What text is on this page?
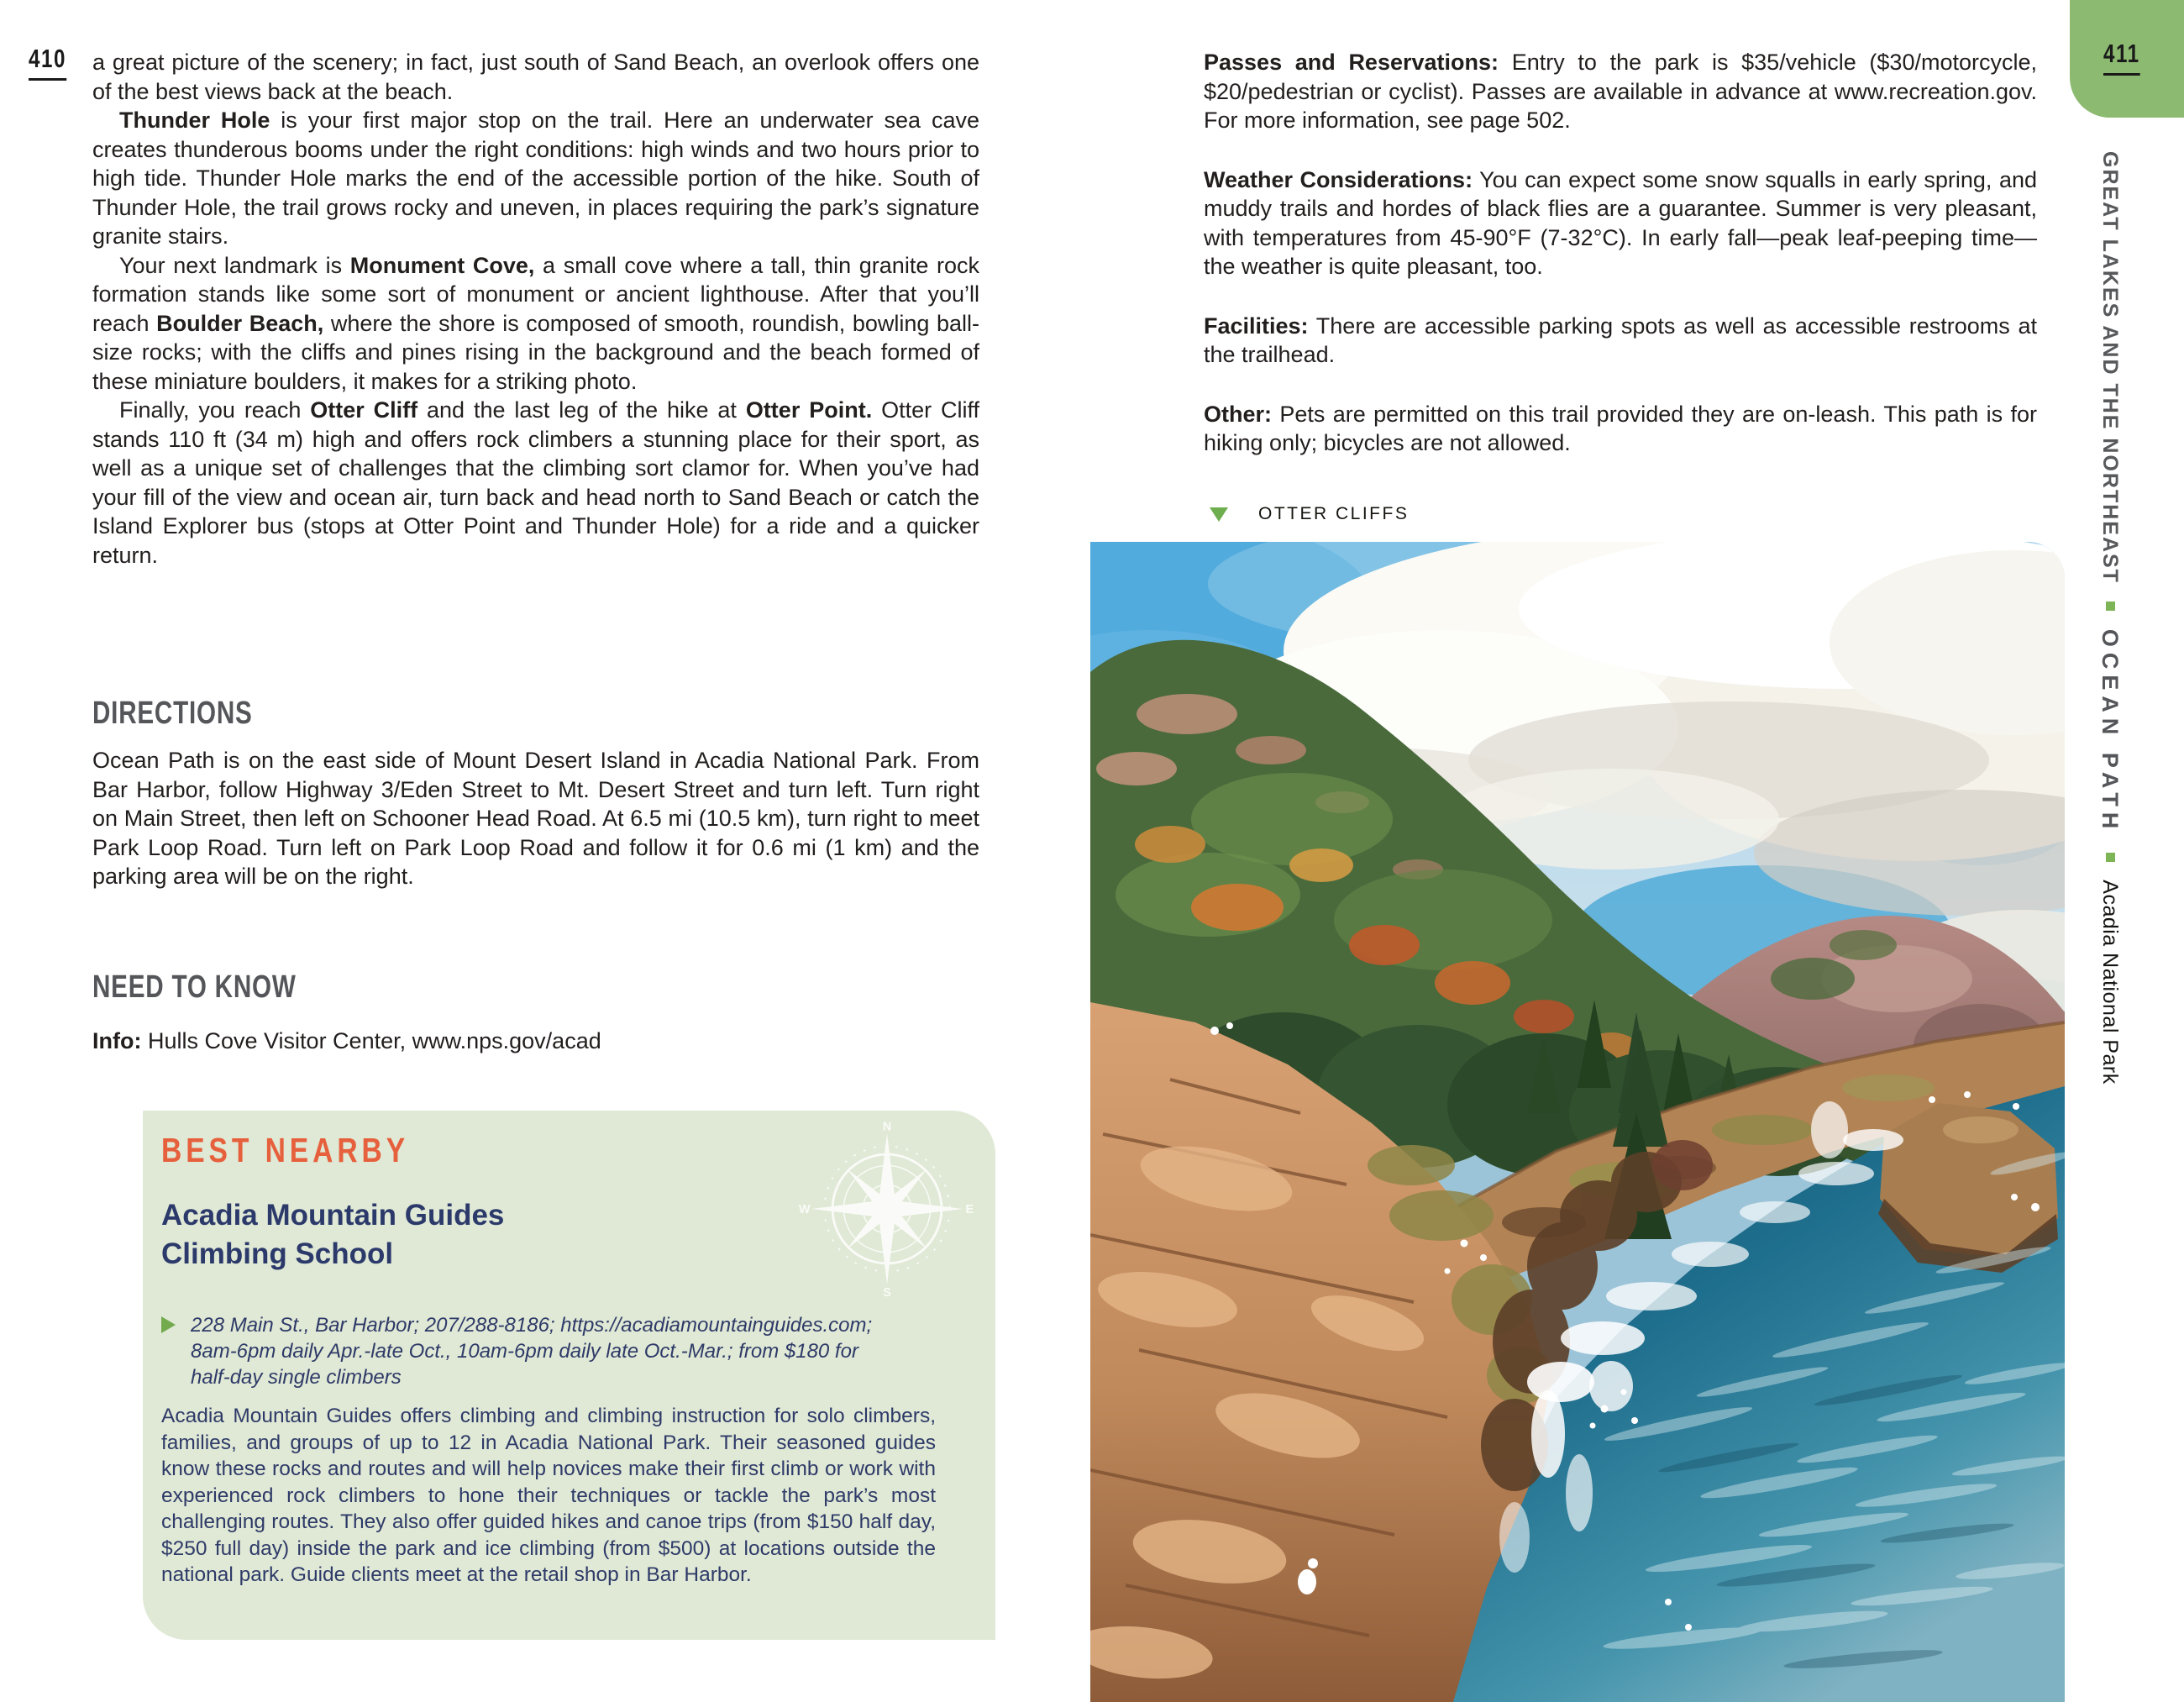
410	a great picture of the scenery; in fact, just south of Sand Beach, an overlook offers one of the best views back at the beach.

Thunder Hole is your first major stop on the trail. Here an underwater sea cave creates thunderous booms under the right conditions: high winds and two hours prior to high tide. Thunder Hole marks the end of the accessible portion of the hike. South of Thunder Hole, the trail grows rocky and uneven, in places requiring the park’s signature granite stairs.

Your next landmark is Monument Cove, a small cove where a tall, thin granite rock formation stands like some sort of monument or ancient lighthouse. After that you’ll reach Boulder Beach, where the shore is composed of smooth, roundish, bowling ball-size rocks; with the cliffs and pines rising in the background and the beach formed of these miniature boulders, it makes for a striking photo.

Finally, you reach Otter Cliff and the last leg of the hike at Otter Point. Otter Cliff stands 110 ft (34 m) high and offers rock climbers a stunning place for their sport, as well as a unique set of challenges that the climbing sort clamor for. When you’ve had your fill of the view and ocean air, turn back and head north to Sand Beach or catch the Island Explorer bus (stops at Otter Point and Thunder Hole) for a ride and a quicker return.

DIRECTIONS

Ocean Path is on the east side of Mount Desert Island in Acadia National Park. From Bar Harbor, follow Highway 3/Eden Street to Mt. Desert Street and turn left. Turn right on Main Street, then left on Schooner Head Road. At 6.5 mi (10.5 km), turn right to meet Park Loop Road. Turn left on Park Loop Road and follow it for 0.6 mi (1 km) and the parking area will be on the right.

NEED TO KNOW

Info: Hulls Cove Visitor Center, www.nps.gov/acad

N
S
E
W
BEST NEARBY
Acadia Mountain Guides
Climbing School
228 Main St., Bar Harbor; 207/288-8186; https://acadiamountainguides.com; 8am-6pm daily Apr.-late Oct., 10am-6pm daily late Oct.-Mar.; from $180 for half-day single climbers
Acadia Mountain Guides offers climbing and climbing instruction for solo climbers, families, and groups of up to 12 in Acadia National Park. Their seasoned guides know these rocks and routes and will help novices make their first climb or work with experienced rock climbers to hone their techniques or tackle the park’s most challenging routes. They also offer guided hikes and canoe trips (from $150 half day, $250 full day) inside the park and ice climbing (from $500) at locations outside the national park. Guide clients meet at the retail shop in Bar Harbor.

Passes and Reservations: Entry to the park is $35/vehicle ($30/motorcycle, $20/pedestrian or cyclist). Passes are available in advance at www.recreation.gov. For more information, see page 502.

Weather Considerations: You can expect some snow squalls in early spring, and muddy trails and hordes of black flies are a guarantee. Summer is very pleasant, with temperatures from 45-90°F (7-32°C). In early fall—peak leaf-peeping time—the weather is quite pleasant, too.

Facilities: There are accessible parking spots as well as accessible restrooms at the trailhead.

Other: Pets are permitted on this trail provided they are on-leash. This path is for hiking only; bicycles are not allowed.

OTTER CLIFFS
411
GREAT LAKES AND THE NORTHEAST  OCEAN PATH  Acadia National Park
